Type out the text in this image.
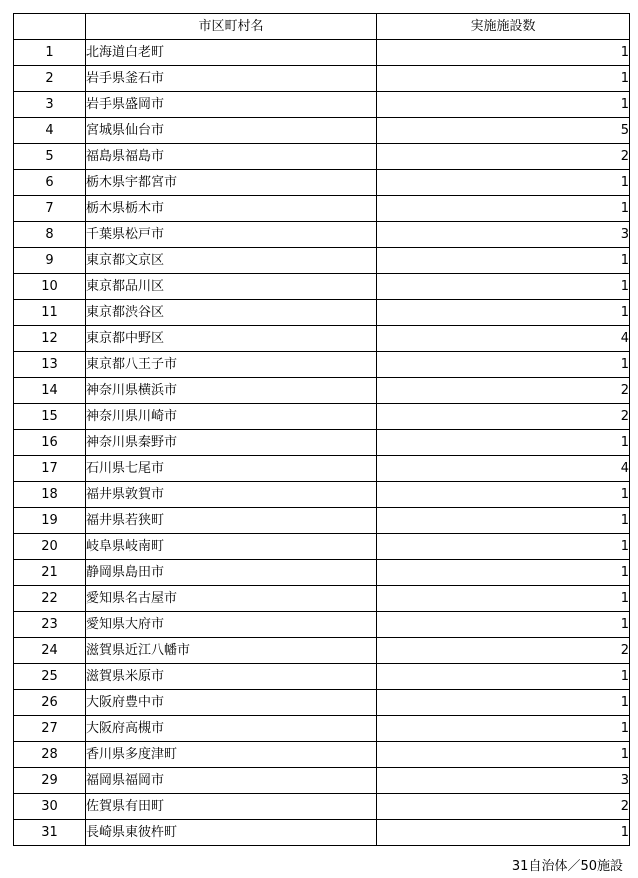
	市区町村名	実施施設数
1	北海道白老町	1
2	岩手県釜石市	1
3	岩手県盛岡市	1
4	宮城県仙台市	5
5	福島県福島市	2
6	栃木県宇都宮市	1
7	栃木県栃木市	1
8	千葉県松戸市	3
9	東京都文京区	1
10	東京都品川区	1
11	東京都渋谷区	1
12	東京都中野区	4
13	東京都八王子市	1
14	神奈川県横浜市	2
15	神奈川県川崎市	2
16	神奈川県秦野市	1
17	石川県七尾市	4
18	福井県敦賀市	1
19	福井県若狭町	1
20	岐阜県岐南町	1
21	静岡県島田市	1
22	愛知県名古屋市	1
23	愛知県大府市	1
24	滋賀県近江八幡市	2
25	滋賀県米原市	1
26	大阪府豊中市	1
27	大阪府高槻市	1
28	香川県多度津町	1
29	福岡県福岡市	3
30	佐賀県有田町	2
31	長崎県東彼杵町	1
31自治体／50施設
